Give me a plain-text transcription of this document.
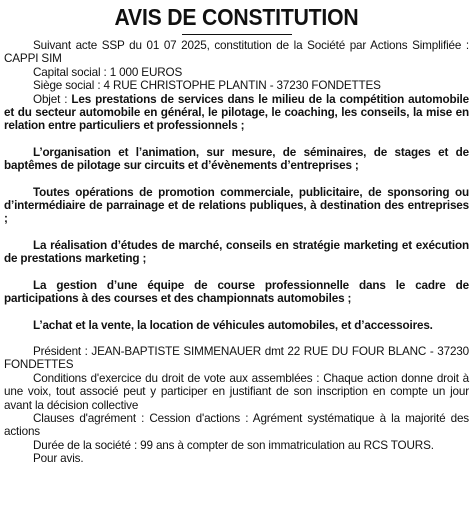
AVIS DE CONSTITUTION

Suivant acte SSP du 01 07 2025, constitution de la Société par Actions Simplifiée : CAPPI SIM

Capital social : 1 000 EUROS

Siège social : 4 RUE CHRISTOPHE PLANTIN - 37230 FONDETTES

Objet : Les prestations de services dans le milieu de la compétition automobile et du secteur automobile en général, le pilotage, le coaching, les conseils, la mise en relation entre particuliers et professionnels ;

L’organisation et l’animation, sur mesure, de séminaires, de stages et de baptêmes de pilotage sur circuits et d’évènements d’entreprises ;

Toutes opérations de promotion commerciale, publicitaire, de sponsoring ou d’intermédiaire de parrainage et de relations publiques, à destination des entreprises ;

La réalisation d’études de marché, conseils en stratégie marketing et exécution de prestations marketing ;

La gestion d’une équipe de course professionnelle dans le cadre de participations à des courses et des championnats automobiles ;

L’achat et la vente, la location de véhicules automobiles, et d’accessoires.

Président : JEAN-BAPTISTE SIMMENAUER dmt 22 RUE DU FOUR BLANC - 37230 FONDETTES

Conditions d'exercice du droit de vote aux assemblées : Chaque action donne droit à une voix, tout associé peut y participer en justifiant de son inscription en compte un jour avant la décision collective

Clauses d'agrément : Cession d'actions : Agrément systématique à la majorité des actions

Durée de la société : 99 ans à compter de son immatriculation au RCS TOURS.

Pour avis.
